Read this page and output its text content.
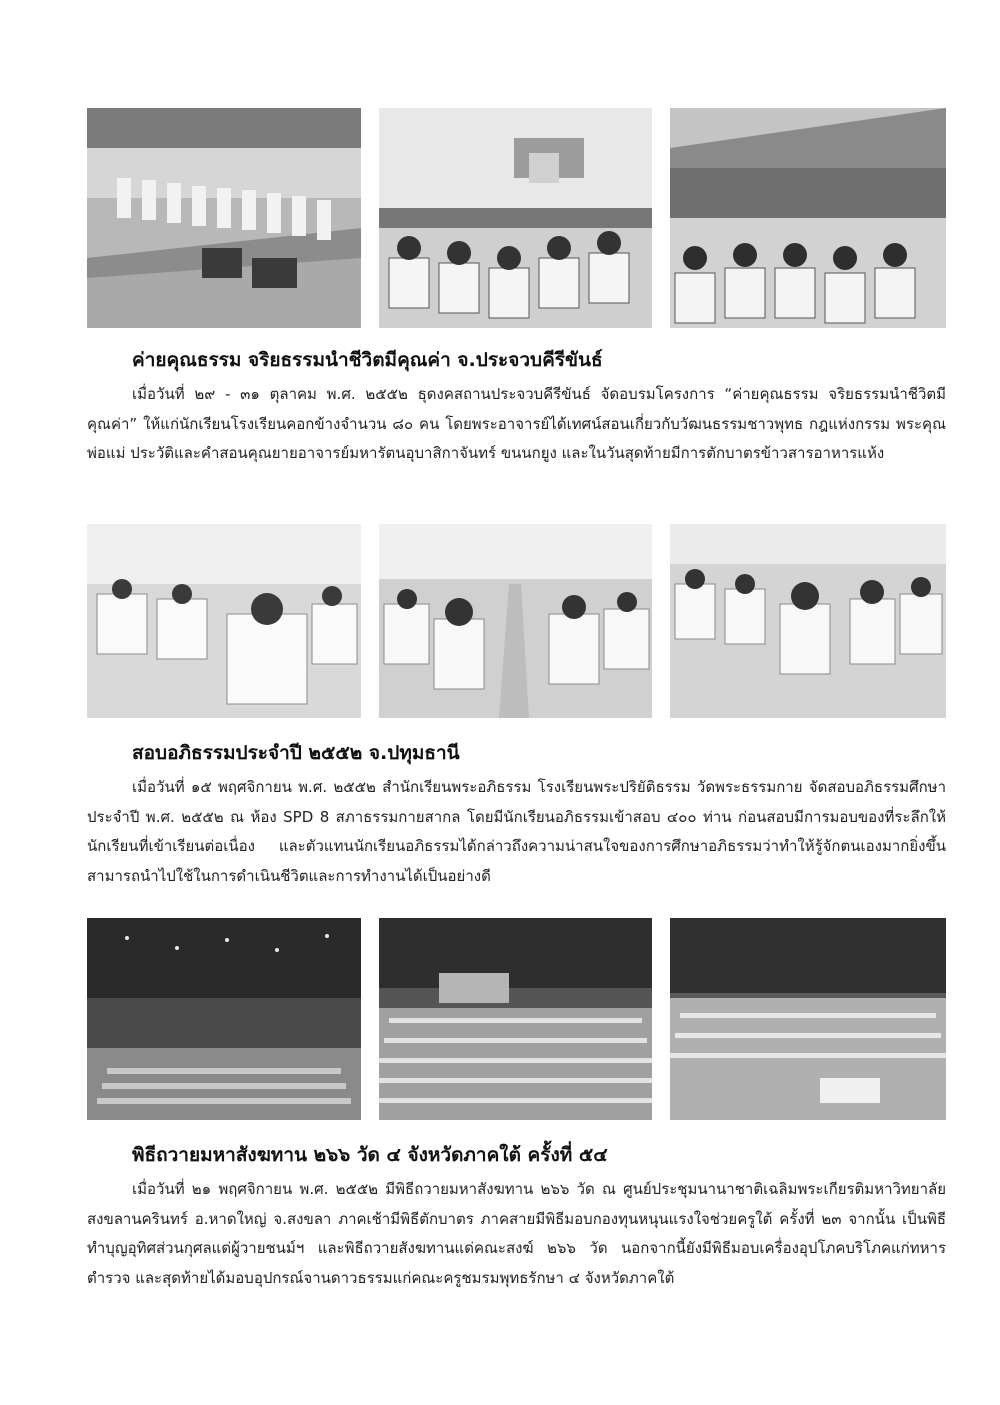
ค่ายคุณธรรม จริยธรรมนำชีวิตมีคุณค่า จ.ประจวบคีรีขันธ์

เมื่อวันที่ ๒๙ - ๓๑ ตุลาคม พ.ศ. ๒๕๕๒ ธุดงคสถานประจวบคีรีขันธ์ จัดอบรมโครงการ “ค่ายคุณธรรม จริยธรรมนำชีวิตมีคุณค่า” ให้แก่นักเรียนโรงเรียนคอกข้างจำนวน ๘๐ คน โดยพระอาจารย์ได้เทศน์สอนเกี่ยวกับวัฒนธรรมชาวพุทธ กฎแห่งกรรม พระคุณพ่อแม่ ประวัติและคำสอนคุณยายอาจารย์มหารัตนอุบาสิกาจันทร์ ขนนกยูง และในวันสุดท้ายมีการตักบาตรข้าวสารอาหารแห้ง

สอบอภิธรรมประจำปี ๒๕๕๒ จ.ปทุมธานี

เมื่อวันที่ ๑๕ พฤศจิกายน พ.ศ. ๒๕๕๒ สำนักเรียนพระอภิธรรม โรงเรียนพระปริยัติธรรม วัดพระธรรมกาย จัดสอบอภิธรรมศึกษาประจำปี พ.ศ. ๒๕๕๒ ณ ห้อง SPD 8 สภาธรรมกายสากล โดยมีนักเรียนอภิธรรมเข้าสอบ ๔๐๐ ท่าน ก่อนสอบมีการมอบของที่ระลึกให้นักเรียนที่เข้าเรียนต่อเนื่อง และตัวแทนนักเรียนอภิธรรมได้กล่าวถึงความน่าสนใจของการศึกษาอภิธรรมว่าทำให้รู้จักตนเองมากยิ่งขึ้น สามารถนำไปใช้ในการดำเนินชีวิตและการทำงานได้เป็นอย่างดี

พิธีถวายมหาสังฆทาน ๒๖๖ วัด ๔ จังหวัดภาคใต้ ครั้งที่ ๕๔

เมื่อวันที่ ๒๑ พฤศจิกายน พ.ศ. ๒๕๕๒ มีพิธีถวายมหาสังฆทาน ๒๖๖ วัด ณ ศูนย์ประชุมนานาชาติเฉลิมพระเกียรติมหาวิทยาลัยสงขลานครินทร์ อ.หาดใหญ่ จ.สงขลา ภาคเช้ามีพิธีตักบาตร ภาคสายมีพิธีมอบกองทุนหนุนแรงใจช่วยครูใต้ ครั้งที่ ๒๓ จากนั้น เป็นพิธีทำบุญอุทิศส่วนกุศลแด่ผู้วายชนม์ฯ และพิธีถวายสังฆทานแด่คณะสงฆ์ ๒๖๖ วัด นอกจากนี้ยังมีพิธีมอบเครื่องอุปโภคบริโภคแก่ทหาร ตำรวจ และสุดท้ายได้มอบอุปกรณ์จานดาวธรรมแก่คณะครูชมรมพุทธรักษา ๔ จังหวัดภาคใต้
